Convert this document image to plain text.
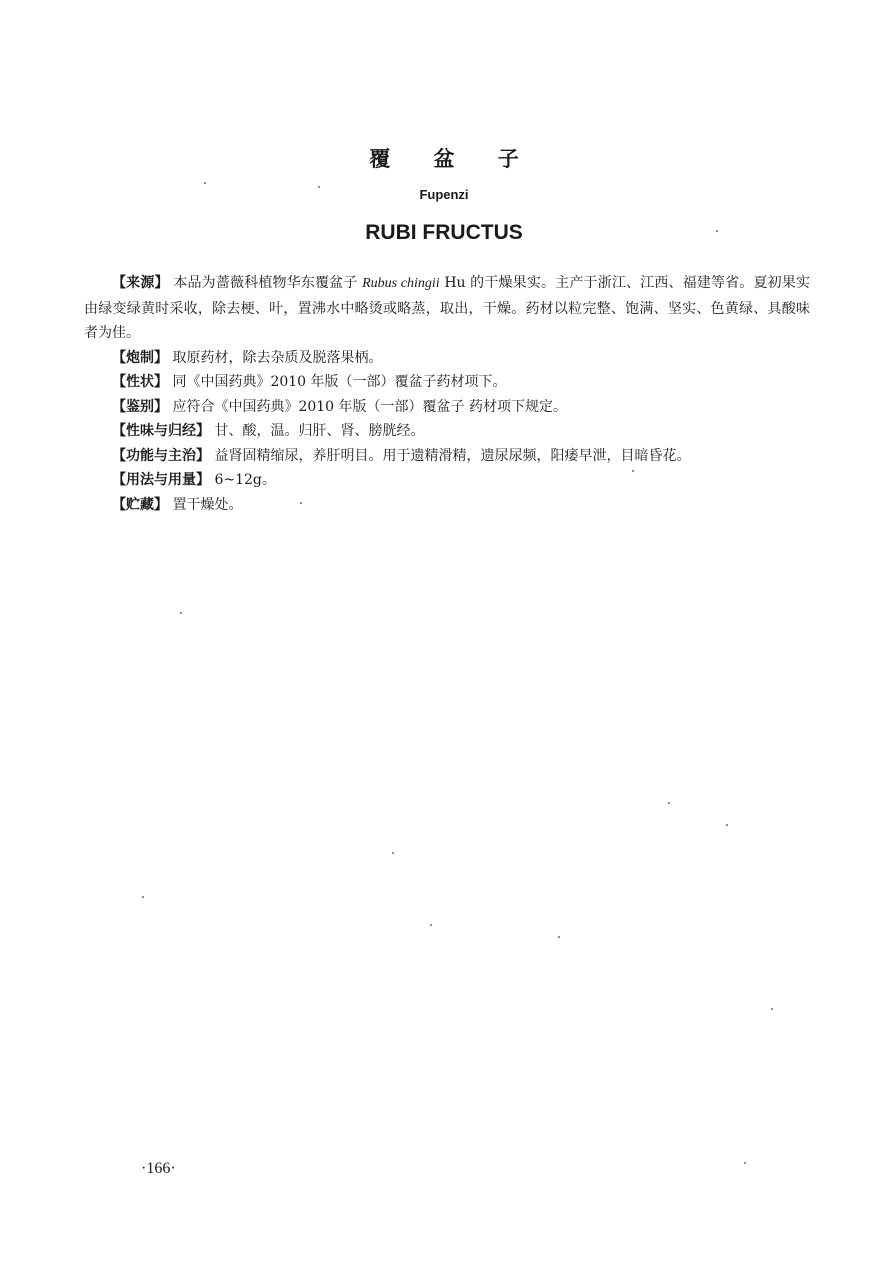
覆 盆 子
Fupenzi
RUBI FRUCTUS

【来源】 本品为蔷薇科植物华东覆盆子 Rubus chingii Hu 的干燥果实。主产于浙江、江西、福建等省。夏初果实由绿变绿黄时采收，除去梗、叶，置沸水中略烫或略蒸，取出，干燥。药材以粒完整、饱满、坚实、色黄绿、具酸味者为佳。

【炮制】 取原药材，除去杂质及脱落果柄。

【性状】 同《中国药典》2010 年版（一部）覆盆子药材项下。

【鉴别】 应符合《中国药典》2010 年版（一部）覆盆子 药材项下规定。

【性味与归经】 甘、酸，温。归肝、肾、膀胱经。

【功能与主治】 益肾固精缩尿，养肝明目。用于遗精滑精，遗尿尿频，阳痿早泄，目暗昏花。

【用法与用量】 6~12g。

【贮藏】 置干燥处。

·166·
